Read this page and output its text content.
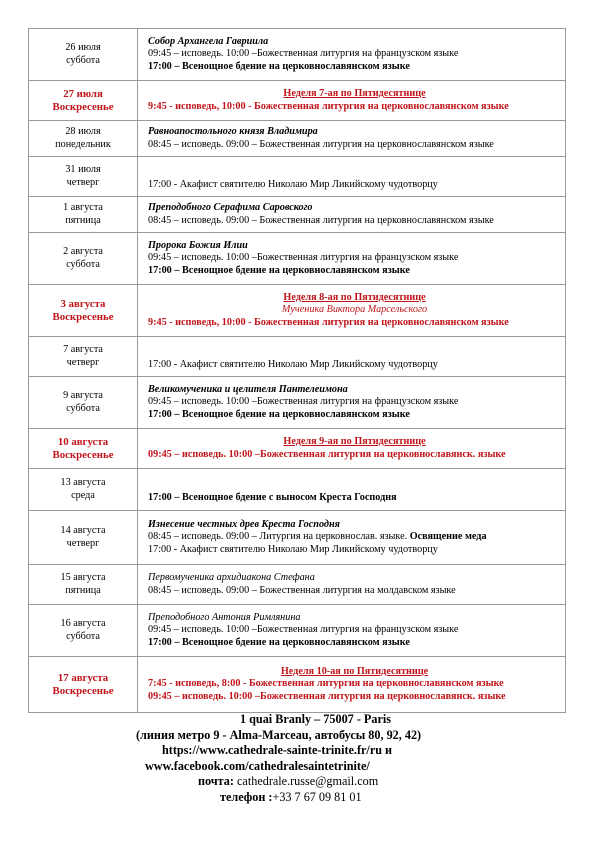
26 июля
суббота	Собор Архангела Гавриила
09:45 – исповедь. 10:00 –Божественная литургия на французском языке
17:00 – Всенощное бдение на церковнославянском языке

27 июля
Воскресенье	Неделя 7-ая по Пятидесятнице
9:45 - исповедь, 10:00 - Божественная литургия на церковнославянском языке

28 июля
понедельник	Равноапостольного князя Владимира
08:45 – исповедь. 09:00 – Божественная литургия на церковнославянском языке

31 июля
четверг	17:00 - Акафист святителю Николаю Мир Ликийскому чудотворцу

1 августа
пятница	Преподобного Серафима Саровского
08:45 – исповедь. 09:00 – Божественная литургия на церковнославянском языке

2 августа
суббота	Пророка Божия Илии
09:45 – исповедь. 10:00 –Божественная литургия на французском языке
17:00 – Всенощное бдение на церковнославянском языке

3 августа
Воскресенье	Неделя 8-ая по Пятидесятнице
Мученика Виктора Марсельского
9:45 - исповедь, 10:00 - Божественная литургия на церковнославянском языке

7 августа
четверг	17:00 - Акафист святителю Николаю Мир Ликийскому чудотворцу

9 августа
суббота	Великомученика и целителя Пантелеимона
09:45 – исповедь. 10:00 –Божественная литургия на французском языке
17:00 – Всенощное бдение на церковнославянском языке

10 августа
Воскресенье	Неделя 9-ая по Пятидесятнице
09:45 – исповедь. 10:00 –Божественная литургия на церковнославянск. языке

13 августа
среда	17:00 – Всенощное бдение с выносом Креста Господня

14 августа
четверг	Изнесение честных древ Креста Господня
08:45 – исповедь. 09:00 – Литургия на церковнослав. языке. Освящение меда
17:00 - Акафист святителю Николаю Мир Ликийскому чудотворцу

15 августа
пятница	Первомученика архидиакона Стефана
08:45 – исповедь. 09:00 – Божественная литургия на молдавском языке

16 августа
суббота	Преподобного Антония Римлянина
09:45 – исповедь. 10:00 –Божественная литургия на французском языке
17:00 – Всенощное бдение на церковнославянском языке

17 августа
Воскресенье	Неделя 10-ая по Пятидесятнице
7:45 - исповедь, 8:00 - Божественная литургия на церковнославянском языке
09:45 – исповедь. 10:00 –Божественная литургия на церковнославянск. языке
1 quai Branly – 75007 - Paris
(линия метро 9 - Alma-Marceau, автобусы 80, 92, 42)
https://www.cathedrale-sainte-trinite.fr/ru и
www.facebook.com/cathedralesaintetrinite/
почта: cathedrale.russe@gmail.com
телефон :+33 7 67 09 81 01
